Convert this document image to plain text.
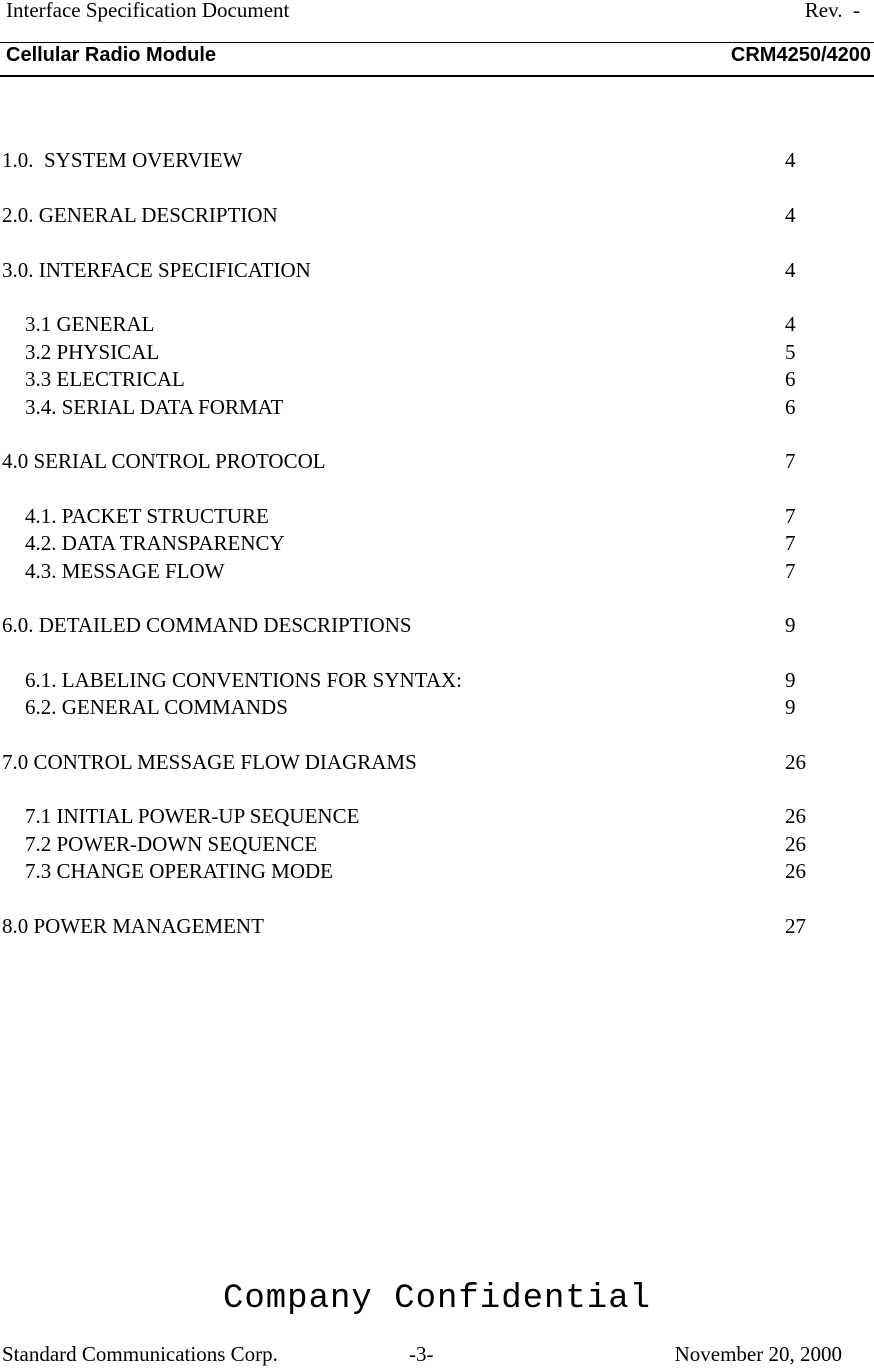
Interface Specification Document	Rev.  -
Cellular Radio Module	CRM4250/4200
1.0.  SYSTEM OVERVIEW	4
2.0. GENERAL DESCRIPTION	4
3.0. INTERFACE SPECIFICATION	4
3.1 GENERAL	4
3.2 PHYSICAL	5
3.3 ELECTRICAL	6
3.4. SERIAL DATA FORMAT	6
4.0 SERIAL CONTROL PROTOCOL	7
4.1. PACKET STRUCTURE	7
4.2. DATA TRANSPARENCY	7
4.3. MESSAGE FLOW	7
6.0. DETAILED COMMAND DESCRIPTIONS	9
6.1. LABELING CONVENTIONS FOR SYNTAX:	9
6.2. GENERAL COMMANDS	9
7.0 CONTROL MESSAGE FLOW DIAGRAMS	26
7.1 INITIAL POWER-UP SEQUENCE	26
7.2 POWER-DOWN SEQUENCE	26
7.3 CHANGE OPERATING MODE	26
8.0 POWER MANAGEMENT	27
Company Confidential
Standard Communications Corp.	-3-	November 20, 2000
